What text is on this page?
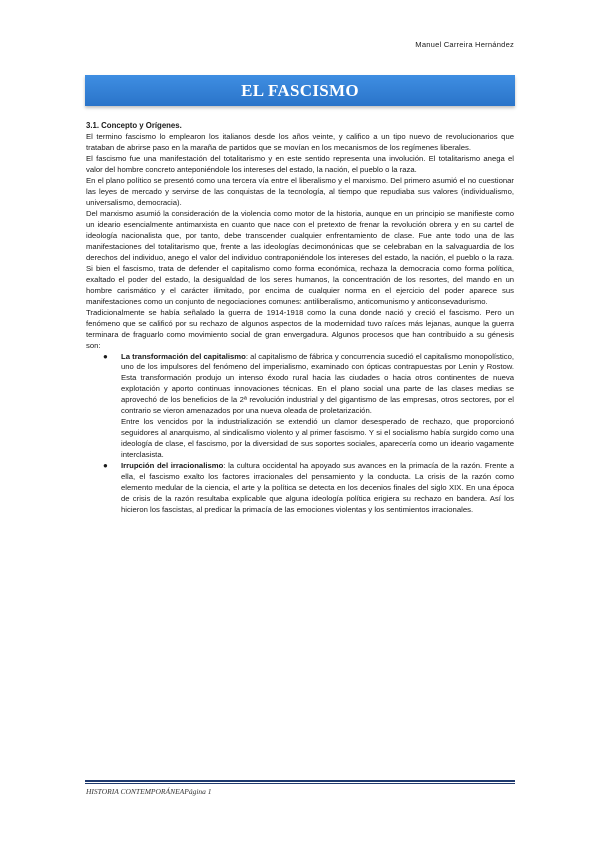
Manuel Carreira Hernández
EL FASCISMO
3.1. Concepto y Orígenes.

El termino fascismo lo emplearon los italianos desde los años veinte, y califico a un tipo nuevo de revolucionarios que trataban de abrirse paso en la maraña de partidos que se movían en los mecanismos de los regímenes liberales.

El fascismo fue una manifestación del totalitarismo y en este sentido representa una involución. El totalitarismo anega el valor del hombre concreto anteponiéndole los intereses del estado, la nación, el pueblo o la raza.

En el plano político se presentó como una tercera vía entre el liberalismo y el marxismo. Del primero asumió el no cuestionar las leyes de mercado y servirse de las conquistas de la tecnología, al tiempo que repudiaba sus valores (individualismo, universalismo, democracia).

Del marxismo asumió la consideración de la violencia como motor de la historia, aunque en un principio se manifieste como un ideario esencialmente antimarxista en cuanto que nace con el pretexto de frenar la revolución obrera y en su cartel de ideología nacionalista que, por tanto, debe transcender cualquier enfrentamiento de clase. Fue ante todo una de las manifestaciones del totalitarismo que, frente a las ideologías decimonónicas que se celebraban en la salvaguardia de los derechos del individuo, anego el valor del individuo contraponiéndole los intereses del estado, la nación, el pueblo o la raza. Si bien el fascismo, trata de defender el capitalismo como forma económica, rechaza la democracia como forma política, exaltado el poder del estado, la desigualdad de los seres humanos, la concentración de los resortes, del mando en un hombre carismático y el carácter ilimitado, por encima de cualquier norma en el ejercicio del poder aparece sus manifestaciones como un conjunto de negociaciones comunes: antiliberalismo, anticomunismo y anticonsevadurismo.

Tradicionalmente se había señalado la guerra de 1914-1918 como la cuna donde nació y creció el fascismo. Pero un fenómeno que se calificó por su rechazo de algunos aspectos de la modernidad tuvo raíces más lejanas, aunque la guerra terminara de fraguarlo como movimiento social de gran envergadura. Algunos procesos que han contribuido a su génesis son:

● La transformación del capitalismo: al capitalismo de fábrica y concurrencia sucedió el capitalismo monopolístico, uno de los impulsores del fenómeno del imperialismo, examinado con ópticas contrapuestas por Lenin y Rostow. Esta transformación produjo un intenso éxodo rural hacia las ciudades o hacia otros continentes de nueva explotación y aporto continuas innovaciones técnicas. En el plano social una parte de las clases medias se aprovechó de los beneficios de la 2ª revolución industrial y del gigantismo de las empresas, otros sectores, por el contrario se vieron amenazados por una nueva oleada de proletarización.
Entre los vencidos por la industrialización se extendió un clamor desesperado de rechazo, que proporcionó seguidores al anarquismo, al sindicalismo violento y al primer fascismo. Y si el socialismo había surgido como una ideología de clase, el fascismo, por la diversidad de sus soportes sociales, aparecería como un ideario vagamente interclasista.
● Irrupción del irracionalismo: la cultura occidental ha apoyado sus avances en la primacía de la razón. Frente a ella, el fascismo exalto los factores irracionales del pensamiento y la conducta. La crisis de la razón como elemento medular de la ciencia, el arte y la política se detecta en los decenios finales del siglo XIX. En una época de crisis de la razón resultaba explicable que alguna ideología política erigiera su rechazo en bandera. Así los hicieron los fascistas, al predicar la primacía de las emociones violentas y los sentimientos irracionales.
HISTORIA CONTEMPORÁNEAPágina 1
